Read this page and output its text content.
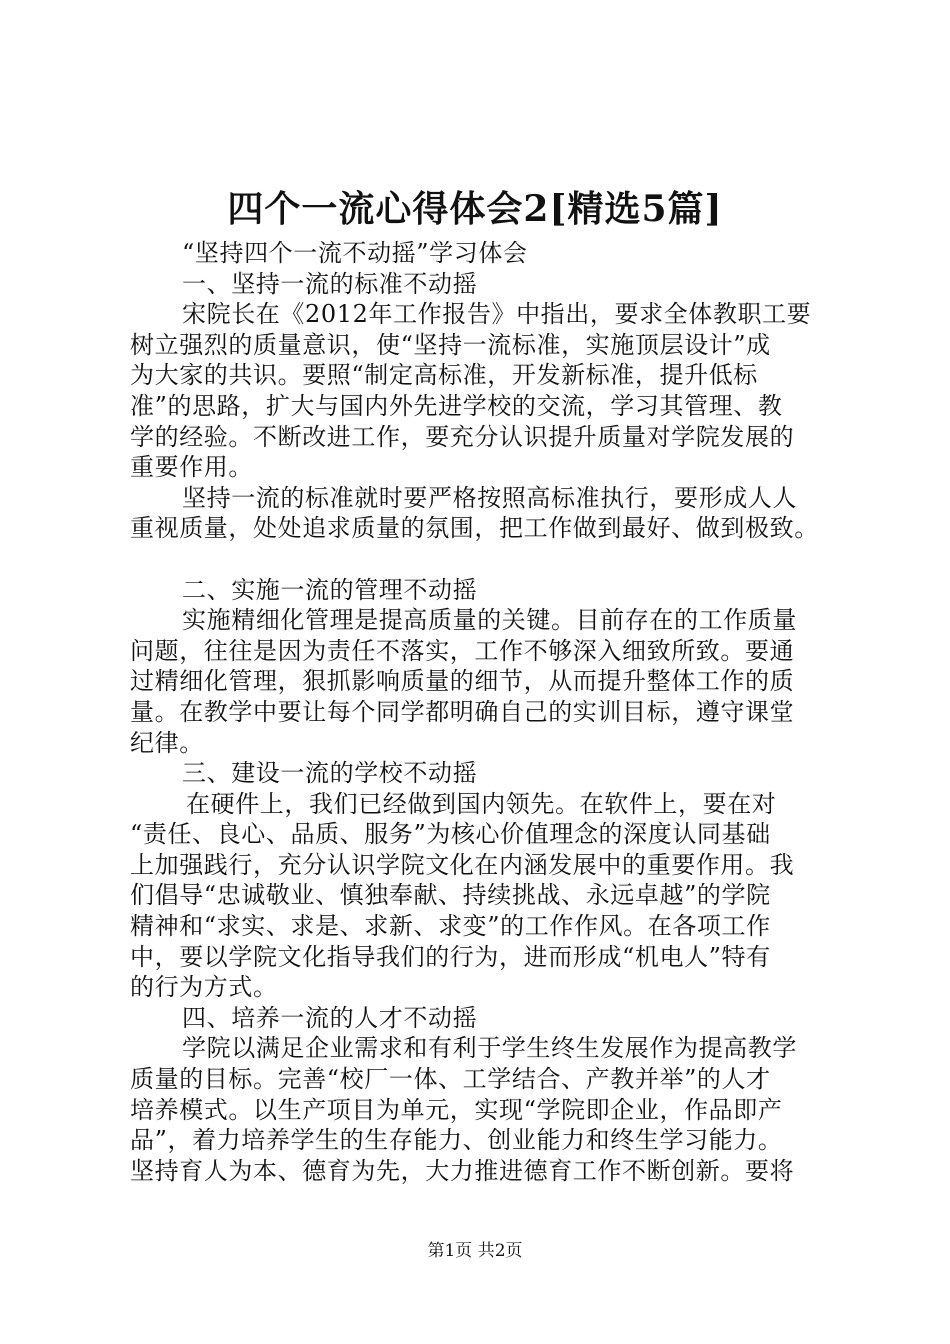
四个一流心得体会2[精选5篇]
“坚持四个一流不动摇”学习体会
一、坚持一流的标准不动摇
宋院长在《2012年工作报告》中指出，要求全体教职工要
树立强烈的质量意识，使“坚持一流标准，实施顶层设计”成
为大家的共识。要照“制定高标准，开发新标准，提升低标
准”的思路，扩大与国内外先进学校的交流，学习其管理、教
学的经验。不断改进工作，要充分认识提升质量对学院发展的
重要作用。
坚持一流的标准就时要严格按照高标准执行，要形成人人
重视质量，处处追求质量的氛围，把工作做到最好、做到极致。
二、实施一流的管理不动摇
实施精细化管理是提高质量的关键。目前存在的工作质量
问题，往往是因为责任不落实，工作不够深入细致所致。要通
过精细化管理，狠抓影响质量的细节，从而提升整体工作的质
量。在教学中要让每个同学都明确自己的实训目标，遵守课堂
纪律。
三、建设一流的学校不动摇
在硬件上，我们已经做到国内领先。在软件上，要在对
“责任、良心、品质、服务”为核心价值理念的深度认同基础
上加强践行，充分认识学院文化在内涵发展中的重要作用。我
们倡导“忠诚敬业、慎独奉献、持续挑战、永远卓越”的学院
精神和“求实、求是、求新、求变”的工作作风。在各项工作
中，要以学院文化指导我们的行为，进而形成“机电人”特有
的行为方式。
四、培养一流的人才不动摇
学院以满足企业需求和有利于学生终生发展作为提高教学
质量的目标。完善“校厂一体、工学结合、产教并举”的人才
培养模式。以生产项目为单元，实现“学院即企业，作品即产
品”，着力培养学生的生存能力、创业能力和终生学习能力。
坚持育人为本、德育为先，大力推进德育工作不断创新。要将
第1页 共2页
